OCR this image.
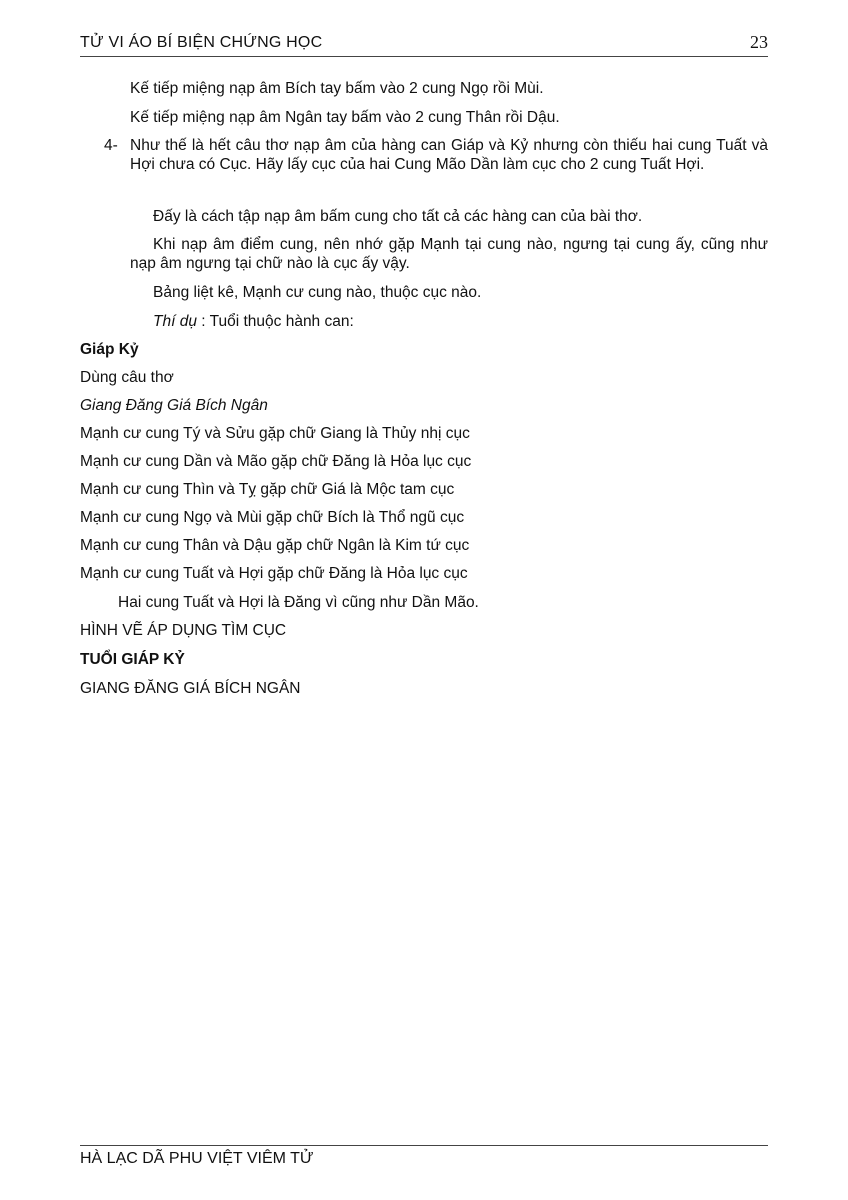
TỬ VI ÁO BÍ BIỆN CHỨNG HỌC	23
Kế tiếp miệng nạp âm Bích tay bấm vào 2 cung Ngọ rồi Mùi.
Kế tiếp miệng nạp âm Ngân tay bấm vào 2 cung Thân rồi Dậu.
4- Như thế là hết câu thơ nạp âm của hàng can Giáp và Kỷ nhưng còn thiếu hai cung Tuất và Hợi chưa có Cục. Hãy lấy cục của hai Cung Mão Dần làm cục cho 2 cung Tuất Hợi.
Đấy là cách tập nạp âm bấm cung cho tất cả các hàng can của bài thơ.
Khi nạp âm điểm cung, nên nhớ gặp Mạnh tại cung nào, ngưng tại cung ấy, cũng như nạp âm ngưng tại chữ nào là cục ấy vậy.
Bảng liệt kê, Mạnh cư cung nào, thuộc cục nào.
Thí dụ : Tuổi thuộc hành can:
Giáp Kỷ
Dùng câu thơ
Giang Đăng Giá Bích Ngân
Mạnh cư cung Tý và Sửu gặp chữ Giang là Thủy nhị cục
Mạnh cư cung Dần và Mão gặp chữ Đăng là Hỏa lục cục
Mạnh cư cung Thìn và Tỵ gặp chữ Giá là Mộc tam cục
Mạnh cư cung Ngọ và Mùi gặp chữ Bích là Thổ ngũ cục
Mạnh cư cung Thân và Dậu gặp chữ Ngân là Kim tứ cục
Mạnh cư cung Tuất và Hợi gặp chữ Đăng là Hỏa lục cục
Hai cung Tuất và Hợi là Đăng vì cũng như Dần Mão.
HÌNH VẼ ÁP DỤNG TÌM CỤC
TUỔI GIÁP KỶ
GIANG ĐĂNG GIÁ BÍCH NGÂN
HÀ LẠC DÃ PHU VIỆT VIÊM TỬ
